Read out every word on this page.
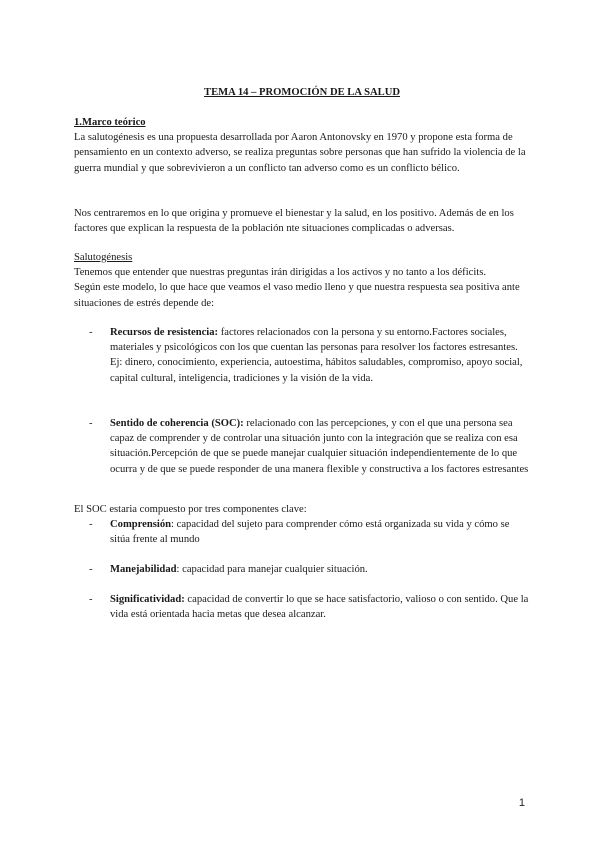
TEMA 14 – PROMOCIÓN DE LA SALUD

1.Marco teórico

La salutogénesis es una propuesta desarrollada por Aaron Antonovsky en 1970 y propone esta forma de pensamiento en un contexto adverso, se realiza preguntas sobre personas que han sufrido la violencia de la guerra mundial y que sobrevivieron a un conflicto tan adverso como es un conflicto bélico.

Nos centraremos en lo que origina y promueve el bienestar y la salud, en los positivo. Además de en los factores que explican la respuesta de la población nte situaciones complicadas o adversas.

Salutogénesis

Tenemos que entender que nuestras preguntas irán dirigidas a los activos y no tanto a los déficits.

Según este modelo, lo que hace que veamos el vaso medio lleno y que nuestra respuesta sea positiva ante situaciones de estrés depende de:

- Recursos de resistencia: factores relacionados con la persona y su entorno.Factores sociales, materiales y psicológicos con los que cuentan las personas para resolver los factores estresantes. Ej: dinero, conocimiento, experiencia, autoestima, hábitos saludables, compromiso, apoyo social, capital cultural, inteligencia, tradiciones y la visión de la vida.
- Sentido de coherencia (SOC): relacionado con las percepciones, y con el que una persona sea capaz de comprender y de controlar una situación junto con la integración que se realiza con esa situación.Percepción de que se puede manejar cualquier situación independientemente de lo que ocurra y de que se puede responder de una manera flexible y constructiva a los factores estresantes

El SOC estaria compuesto por tres componentes clave:

- Comprensión: capacidad del sujeto para comprender cómo está organizada su vida y cómo se sitúa frente al mundo
- Manejabilidad: capacidad para manejar cualquier situación.
- Significatividad: capacidad de convertir lo que se hace satisfactorio, valioso o con sentido. Que la vida está orientada hacia metas que desea alcanzar.
1
